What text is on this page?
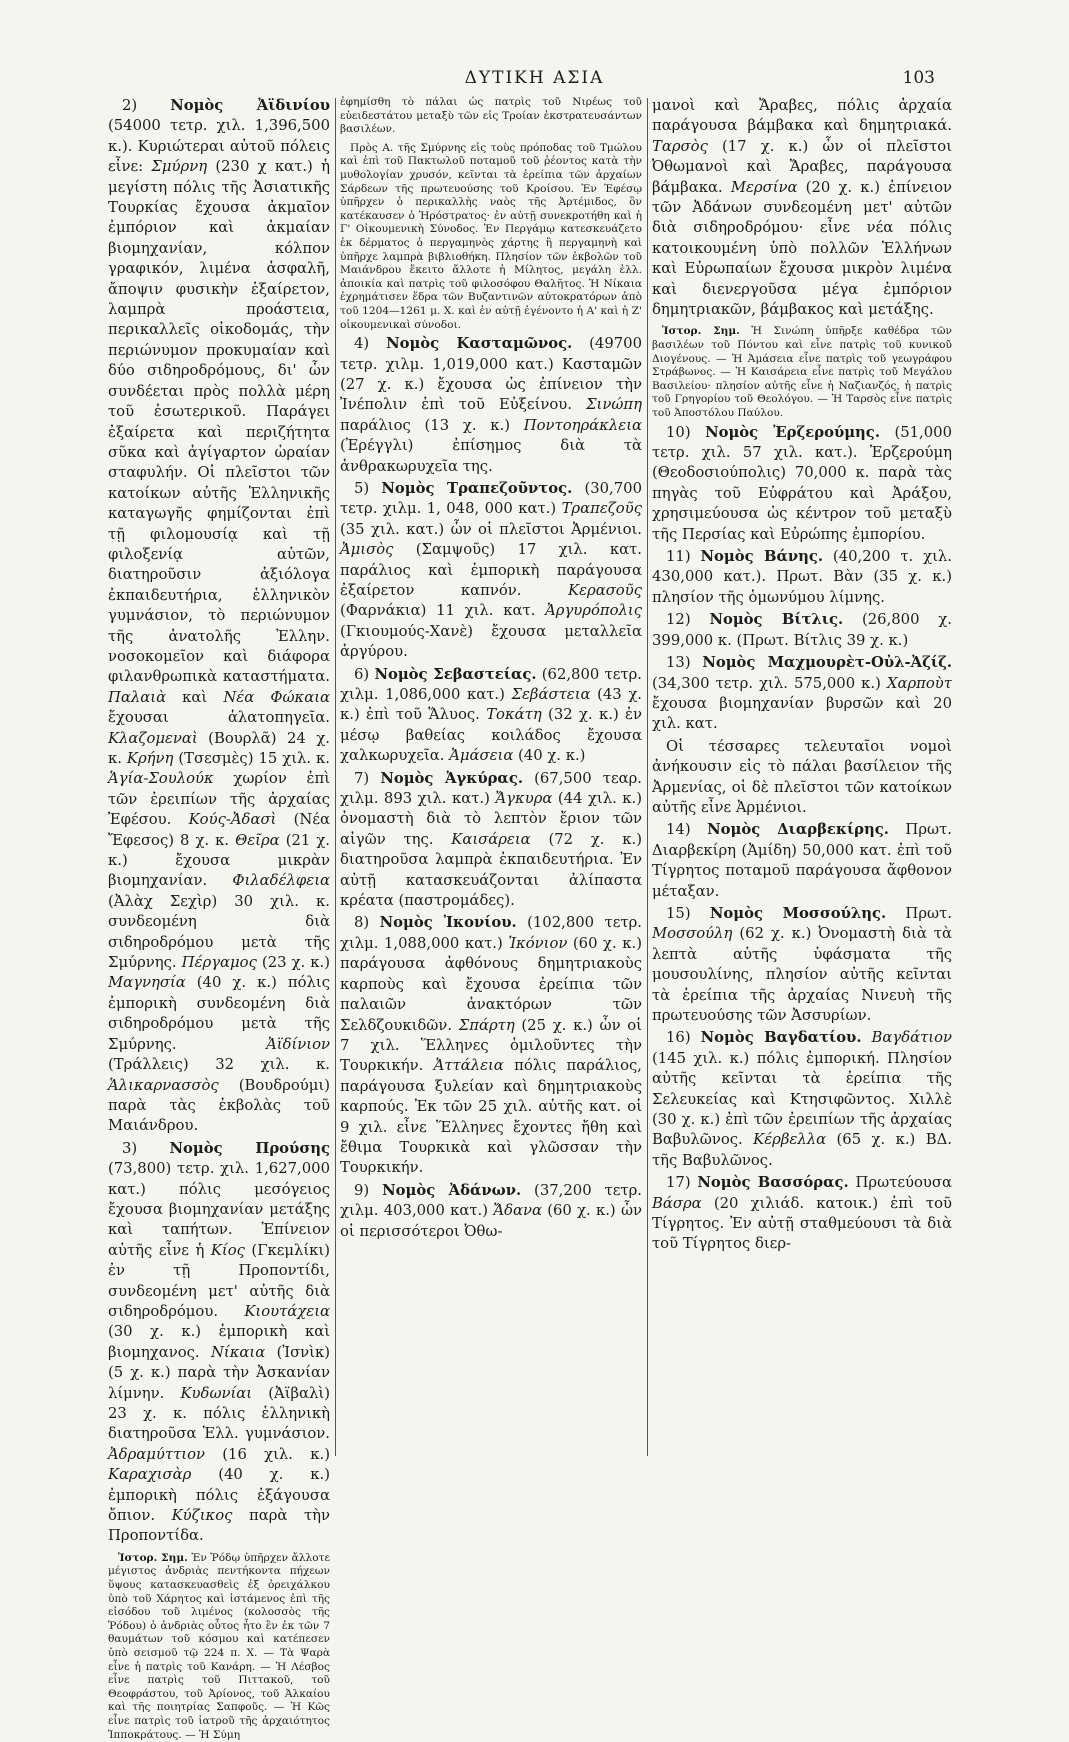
ΔΥΤΙΚΗ ΑΣΙΑ	103

2) Νομὸς Ἀϊδινίου (54000 τετρ. χιλ. 1,396,500 κ.). Κυριώτεραι αὐτοῦ πόλεις εἶνε: Σμύρνη (230 χ κατ.) ἡ μεγίστη πόλις τῆς Ἀσιατικῆς Τουρκίας ἔχουσα ἀκμαῖον ἐμπόριον καὶ ἀκμαίαν βιομηχανίαν, κόλπον γραφικόν, λιμένα ἀσφαλῆ, ἄποψιν φυσικὴν ἐξαίρετον, λαμπρὰ προάστεια, περικαλλεῖς οἰκοδομάς, τὴν περιώνυμον προκυμαίαν καὶ δύο σιδηροδρόμους, δι' ὧν συνδέεται πρὸς πολλὰ μέρη τοῦ ἐσωτερικοῦ. Παράγει ἐξαίρετα καὶ περιζήτητα σῦκα καὶ ἀγίγαρτον ὡραίαν σταφυλήν. Οἱ πλεῖστοι τῶν κατοίκων αὐτῆς Ἑλληνικῆς καταγωγῆς φημίζονται ἐπὶ τῇ φιλομουσίᾳ καὶ τῇ φιλοξενίᾳ αὐτῶν, διατηροῦσιν ἀξιόλογα ἐκπαιδευτήρια, ἑλληνικὸν γυμνάσιον, τὸ περιώνυμον τῆς ἀνατολῆς Ἑλλην. νοσοκομεῖον καὶ διάφορα φιλανθρωπικὰ καταστήματα. Παλαιὰ καὶ Νέα Φώκαια ἔχουσαι ἁλατοπηγεῖα. Κλαζομεναὶ (Βουρλᾶ) 24 χ. κ. Κρήνη (Τσεσμὲς) 15 χιλ. κ. Ἁγία-Σουλούκ χωρίον ἐπὶ τῶν ἐρειπίων τῆς ἀρχαίας Ἐφέσου. Κούς-Ἀδασὶ (Νέα Ἔφεσος) 8 χ. κ. Θεῖρα (21 χ. κ.) ἔχουσα μικρὰν βιομηχανίαν. Φιλαδέλφεια (Ἀλὰχ Σεχὶρ) 30 χιλ. κ. συνδεομένη διὰ σιδηροδρόμου μετὰ τῆς Σμύρνης. Πέργαμος (23 χ. κ.) Μαγνησία (40 χ. κ.) πόλις ἐμπορικὴ συνδεομένη διὰ σιδηροδρόμου μετὰ τῆς Σμύρνης. Ἀϊδίνιον (Τράλλεις) 32 χιλ. κ. Ἁλικαρνασσὸς (Βουδρούμι) παρὰ τὰς ἐκβολὰς τοῦ Μαιάνδρου.

3) Νομὸς Προύσης (73,800) τετρ. χιλ. 1,627,000 κατ.) πόλις μεσόγειος ἔχουσα βιομηχανίαν μετάξης καὶ ταπήτων. Ἐπίνειον αὐτῆς εἶνε ἡ Κίος (Γκεμλίκι) ἐν τῇ Προποντίδι, συνδεομένη μετ' αὐτῆς διὰ σιδηροδρόμου. Κιουτάχεια (30 χ. κ.) ἐμπορικὴ καὶ βιομηχανος. Νίκαια (Ἰσνὶκ) (5 χ. κ.) παρὰ τὴν Ἀσκανίαν λίμνην. Κυδωνίαι (Ἀϊβαλὶ) 23 χ. κ. πόλις ἑλληνικὴ διατηροῦσα Ἑλλ. γυμνάσιον. Ἀδραμύττιον (16 χιλ. κ.) Καραχισὰρ (40 χ. κ.) ἐμπορικὴ πόλις ἐξάγουσα ὄπιον. Κύζικος παρὰ τὴν Προποντίδα.

Ἱστορ. Σημ. Ἐν Ῥόδῳ ὑπῆρχεν ἄλλοτε μέγιστος ἀνδριὰς πεντήκοντα πήχεων ὕψους κατασκευασθεὶς ἐξ ὀρειχάλκου ὑπὸ τοῦ Χάρητος καὶ ἱστάμενος ἐπὶ τῆς εἰσόδου τοῦ λιμένος (κολοσσὸς τῆς Ῥόδου) ὁ ἀνδριὰς οὗτος ἦτο ἓν ἐκ τῶν 7 θαυμάτων τοῦ κόσμου καὶ κατέπεσεν ὑπὸ σεισμοῦ τῷ 224 π. Χ. — Τὰ Ψαρὰ εἶνε ἡ πατρὶς τοῦ Κανάρη. — Ἡ Λέσβος εἶνε πατρὶς τοῦ Πιττακοῦ, τοῦ Θεοφράστου, τοῦ Ἀρίονος, τοῦ Ἀλκαίου καὶ τῆς ποιητρίας Σαπφοῦς. — Ἡ Κῶς εἶνε πατρὶς τοῦ ἰατροῦ τῆς ἀρχαιότητος Ἱπποκράτους. — Ἡ Σύμη

ἐφημίσθη τὸ πάλαι ὡς πατρὶς τοῦ Νιρέως τοῦ εὐειδεστάτου μεταξὺ τῶν εἰς Τροίαν ἐκστρατευσάντων βασιλέων.

Πρὸς Α. τῆς Σμύρνης εἰς τοὺς πρόποδας τοῦ Τμώλου καὶ ἐπὶ τοῦ Πακτωλοῦ ποταμοῦ τοῦ ῥέοντος κατὰ τὴν μυθολογίαν χρυσόν, κεῖνται τὰ ἐρείπια τῶν ἀρχαίων Σάρδεων τῆς πρωτευούσης τοῦ Κροίσου. Ἐν Ἐφέσῳ ὑπῆρχεν ὁ περικαλλὴς ναὸς τῆς Ἀρτέμιδος, ὃν κατέκαυσεν ὁ Ἡρόστρατος· ἐν αὐτῇ συνεκροτήθη καὶ ἡ Γ' Οἰκουμενικὴ Σύνοδος. Ἐν Περγάμῳ κατεσκευάζετο ἐκ δέρματος ὁ περγαμηνὸς χάρτης ἢ περγαμηνὴ καὶ ὑπῆρχε λαμπρὰ βιβλιοθήκη. Πλησίον τῶν ἐκβολῶν τοῦ Μαιάνδρου ἔκειτο ἄλλοτε ἡ Μίλητος, μεγάλη ἑλλ. ἀποικία καὶ πατρὶς τοῦ φιλοσόφου Θαλῆτος. Ἡ Νίκαια ἐχρημάτισεν ἕδρα τῶν Βυζαντινῶν αὐτοκρατόρων ἀπὸ τοῦ 1204—1261 μ. Χ. καὶ ἐν αὐτῇ ἐγένοντο ἡ Α' καὶ ἡ Ζ' οἰκουμενικαὶ σύνοδοι.

4) Νομὸς Κασταμῶνος. (49700 τετρ. χιλμ. 1,019,000 κατ.) Κασταμῶν (27 χ. κ.) ἔχουσα ὡς ἐπίνειον τὴν Ἰνέπολιν ἐπὶ τοῦ Εὐξείνου. Σινώπη παράλιος (13 χ. κ.) Ποντοηράκλεια (Ἐρέγγλι) ἐπίσημος διὰ τὰ ἀνθρακωρυχεῖα της.

5) Νομὸς Τραπεζοῦντος. (30,700 τετρ. χιλμ. 1, 048, 000 κατ.) Τραπεζοῦς (35 χιλ. κατ.) ὧν οἱ πλεῖστοι Ἀρμένιοι. Ἀμισὸς (Σαμψοῦς) 17 χιλ. κατ. παράλιος καὶ ἐμπορικὴ παράγουσα ἐξαίρετον καπνόν. Κερασοῦς (Φαρνάκια) 11 χιλ. κατ. Ἀργυρόπολις (Γκιουμούς-Χανὲ) ἔχουσα μεταλλεῖα ἀργύρου.

6) Νομὸς Σεβαστείας. (62,800 τετρ. χιλμ. 1,086,000 κατ.) Σεβάστεια (43 χ. κ.) ἐπὶ τοῦ Ἅλυος. Τοκάτη (32 χ. κ.) ἐν μέσῳ βαθείας κοιλάδος ἔχουσα χαλκωρυχεῖα. Ἀμάσεια (40 χ. κ.)

7) Νομὸς Ἀγκύρας. (67,500 τεαρ. χιλμ. 893 χιλ. κατ.) Ἄγκυρα (44 χιλ. κ.) ὀνομαστὴ διὰ τὸ λεπτὸν ἔριον τῶν αἰγῶν της. Καισάρεια (72 χ. κ.) διατηροῦσα λαμπρὰ ἐκπαιδευτήρια. Ἐν αὐτῇ κατασκευάζονται ἀλίπαστα κρέατα (παστρομάδες).

8) Νομὸς Ἰκονίου. (102,800 τετρ. χιλμ. 1,088,000 κατ.) Ἰκόνιον (60 χ. κ.) παράγουσα ἀφθόνους δημητριακοὺς καρποὺς καὶ ἔχουσα ἐρείπια τῶν παλαιῶν ἀνακτόρων τῶν Σελδζουκιδῶν. Σπάρτη (25 χ. κ.) ὧν οἱ 7 χιλ. Ἕλληνες ὁμιλοῦντες τὴν Τουρκικήν. Ἀττάλεια πόλις παράλιος, παράγουσα ξυλείαν καὶ δημητριακοὺς καρπούς. Ἐκ τῶν 25 χιλ. αὐτῆς κατ. οἱ 9 χιλ. εἶνε Ἕλληνες ἔχοντες ἤθη καὶ ἔθιμα Τουρκικὰ καὶ γλῶσσαν τὴν Τουρκικήν.

9) Νομὸς Ἀδάνων. (37,200 τετρ. χιλμ. 403,000 κατ.) Ἄδανα (60 χ. κ.) ὧν οἱ περισσότεροι Ὀθω-

μανοὶ καὶ Ἄραβες, πόλις ἀρχαία παράγουσα βάμβακα καὶ δημητριακά. Ταρσὸς (17 χ. κ.) ὧν οἱ πλεῖστοι Ὀθωμανοὶ καὶ Ἄραβες, παράγουσα βάμβακα. Μερσίνα (20 χ. κ.) ἐπίνειον τῶν Ἀδάνων συνδεομένη μετ' αὐτῶν διὰ σιδηροδρόμου· εἶνε νέα πόλις κατοικουμένη ὑπὸ πολλῶν Ἑλλήνων καὶ Εὐρωπαίων ἔχουσα μικρὸν λιμένα καὶ διενεργοῦσα μέγα ἐμπόριον δημητριακῶν, βάμβακος καὶ μετάξης.

Ἱστορ. Σημ. Ἡ Σινώπη ὑπῆρξε καθέδρα τῶν βασιλέων τοῦ Πόντου καὶ εἶνε πατρὶς τοῦ κυνικοῦ Διογένους. — Ἡ Ἀμάσεια εἶνε πατρὶς τοῦ γεωγράφου Στράβωνος. — Ἡ Καισάρεια εἶνε πατρὶς τοῦ Μεγάλου Βασιλείου· πλησίον αὐτῆς εἶνε ἡ Ναζιανζός, ἡ πατρὶς τοῦ Γρηγορίου τοῦ Θεολόγου. — Ἡ Ταρσὸς εἶνε πατρὶς τοῦ Ἀποστόλου Παύλου.

10) Νομὸς Ἐρζερούμης. (51,000 τετρ. χιλ. 57 χιλ. κατ.). Ἐρζερούμη (Θεοδοσιούπολις) 70,000 κ. παρὰ τὰς πηγὰς τοῦ Εὐφράτου καὶ Ἀράξου, χρησιμεύουσα ὡς κέντρον τοῦ μεταξὺ τῆς Περσίας καὶ Εὐρώπης ἐμπορίου.

11) Νομὸς Βάνης. (40,200 τ. χιλ. 430,000 κατ.). Πρωτ. Βὰν (35 χ. κ.) πλησίον τῆς ὁμωνύμου λίμνης.

12) Νομὸς Βίτλις. (26,800 χ. 399,000 κ. (Πρωτ. Βίτλις 39 χ. κ.)

13) Νομὸς Μαχμουρὲτ-Οὐλ-Ἀζίζ. (34,300 τετρ. χιλ. 575,000 κ.) Χαρποὺτ ἔχουσα βιομηχανίαν βυρσῶν καὶ 20 χιλ. κατ.

Οἱ τέσσαρες τελευταῖοι νομοὶ ἀνήκουσιν εἰς τὸ πάλαι βασίλειον τῆς Ἀρμενίας, οἱ δὲ πλεῖστοι τῶν κατοίκων αὐτῆς εἶνε Ἀρμένιοι.

14) Νομὸς Διαρβεκίρης. Πρωτ. Διαρβεκίρη (Ἀμίδη) 50,000 κατ. ἐπὶ τοῦ Τίγρητος ποταμοῦ παράγουσα ἄφθονον μέταξαν.

15) Νομὸς Μοσσούλης. Πρωτ. Μοσσούλη (62 χ. κ.) Ὀνομαστὴ διὰ τὰ λεπτὰ αὐτῆς ὑφάσματα τῆς μουσουλίνης, πλησίον αὐτῆς κεῖνται τὰ ἐρείπια τῆς ἀρχαίας Νινευὴ τῆς πρωτευούσης τῶν Ἀσσυρίων.

16) Νομὸς Βαγδατίου. Βαγδάτιον (145 χιλ. κ.) πόλις ἐμπορική. Πλησίον αὐτῆς κεῖνται τὰ ἐρείπια τῆς Σελευκείας καὶ Κτησιφῶντος. Χιλλὲ (30 χ. κ.) ἐπὶ τῶν ἐρειπίων τῆς ἀρχαίας Βαβυλῶνος. Κέρβελλα (65 χ. κ.) ΒΔ. τῆς Βαβυλῶνος.

17) Νομὸς Βασσόρας. Πρωτεύουσα Βάσρα (20 χιλιάδ. κατοικ.) ἐπὶ τοῦ Τίγρητος. Ἐν αὐτῇ σταθμεύουσι τὰ διὰ τοῦ Τίγρητος διερ-
